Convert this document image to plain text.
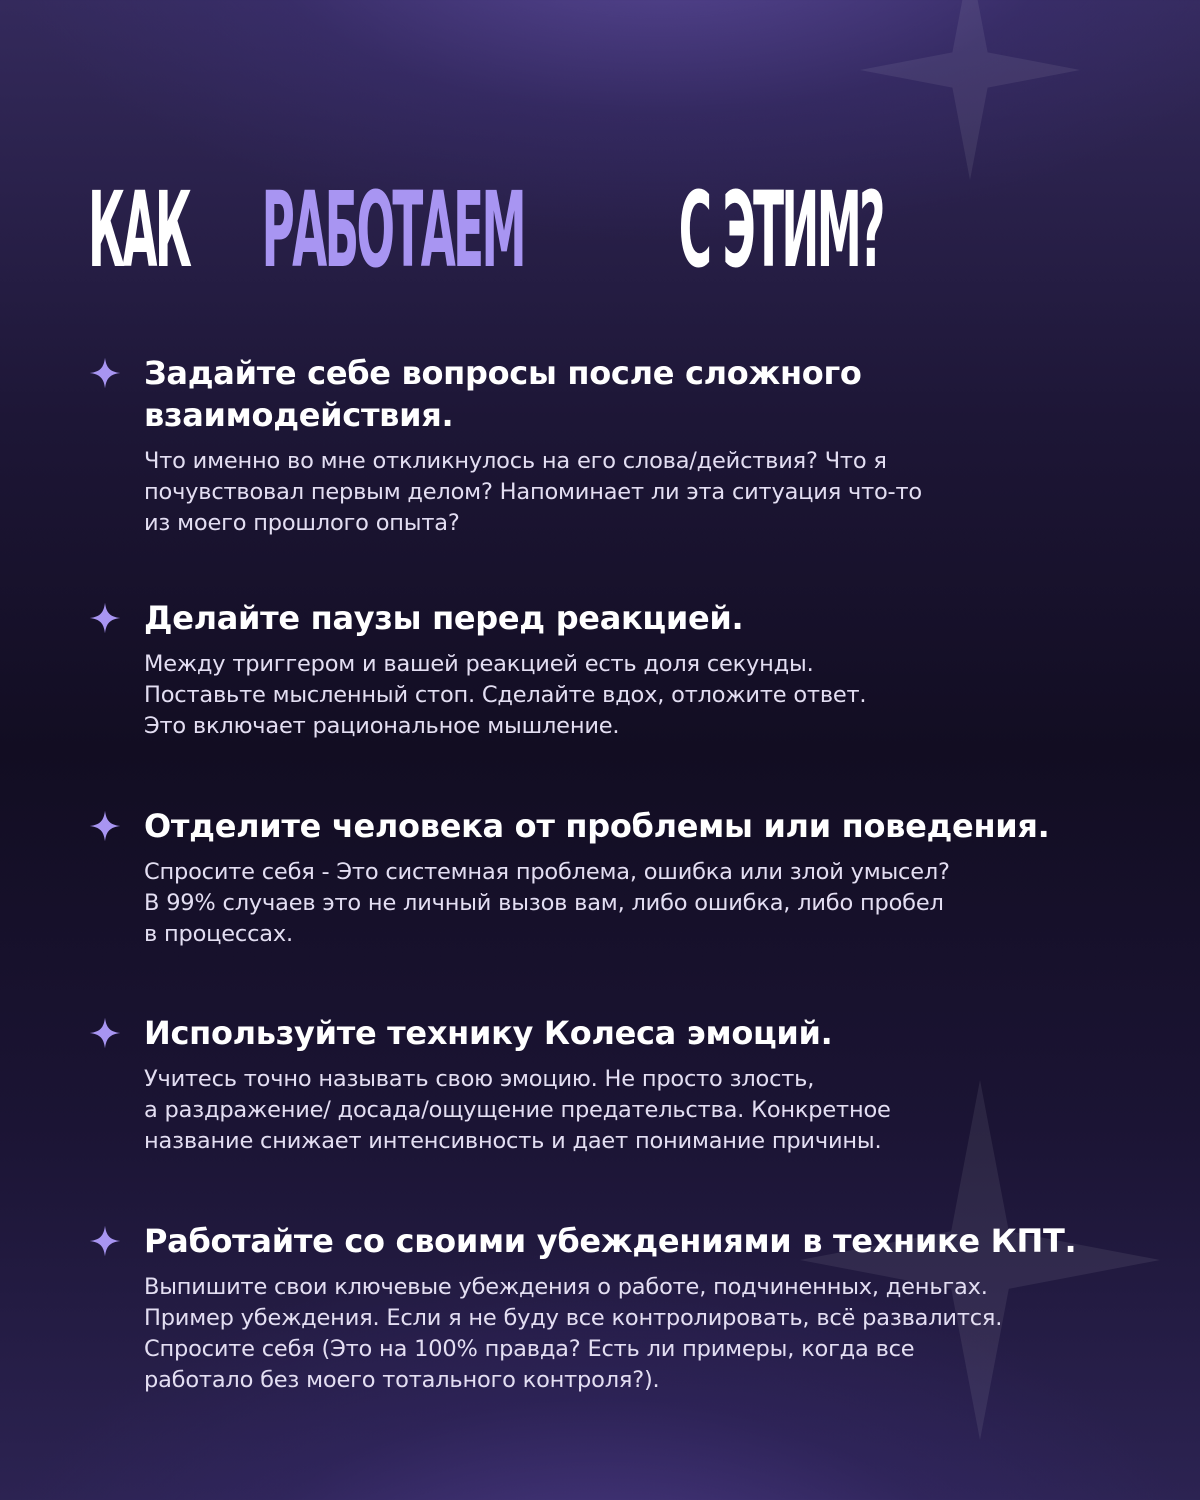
КАК РАБОТАЕМ С ЭТИМ?

Задайте себе вопросы после сложного взаимодействия.

Что именно во мне откликнулось на его слова/действия? Что я
почувствовал первым делом? Напоминает ли эта ситуация что-то
из моего прошлого опыта?

Делайте паузы перед реакцией.

Между триггером и вашей реакцией есть доля секунды.
Поставьте мысленный стоп. Сделайте вдох, отложите ответ.
Это включает рациональное мышление.

Отделите человека от проблемы или поведения.

Спросите себя - Это системная проблема, ошибка или злой умысел?
В 99% случаев это не личный вызов вам, либо ошибка, либо пробел
в процессах.

Используйте технику Колеса эмоций.

Учитесь точно называть свою эмоцию. Не просто злость,
а раздражение/ досада/ощущение предательства. Конкретное
название снижает интенсивность и дает понимание причины.

Работайте со своими убеждениями в технике КПТ.

Выпишите свои ключевые убеждения о работе, подчиненных, деньгах.
Пример убеждения. Если я не буду все контролировать, всё развалится.
Спросите себя (Это на 100% правда? Есть ли примеры, когда все
работало без моего тотального контроля?).
